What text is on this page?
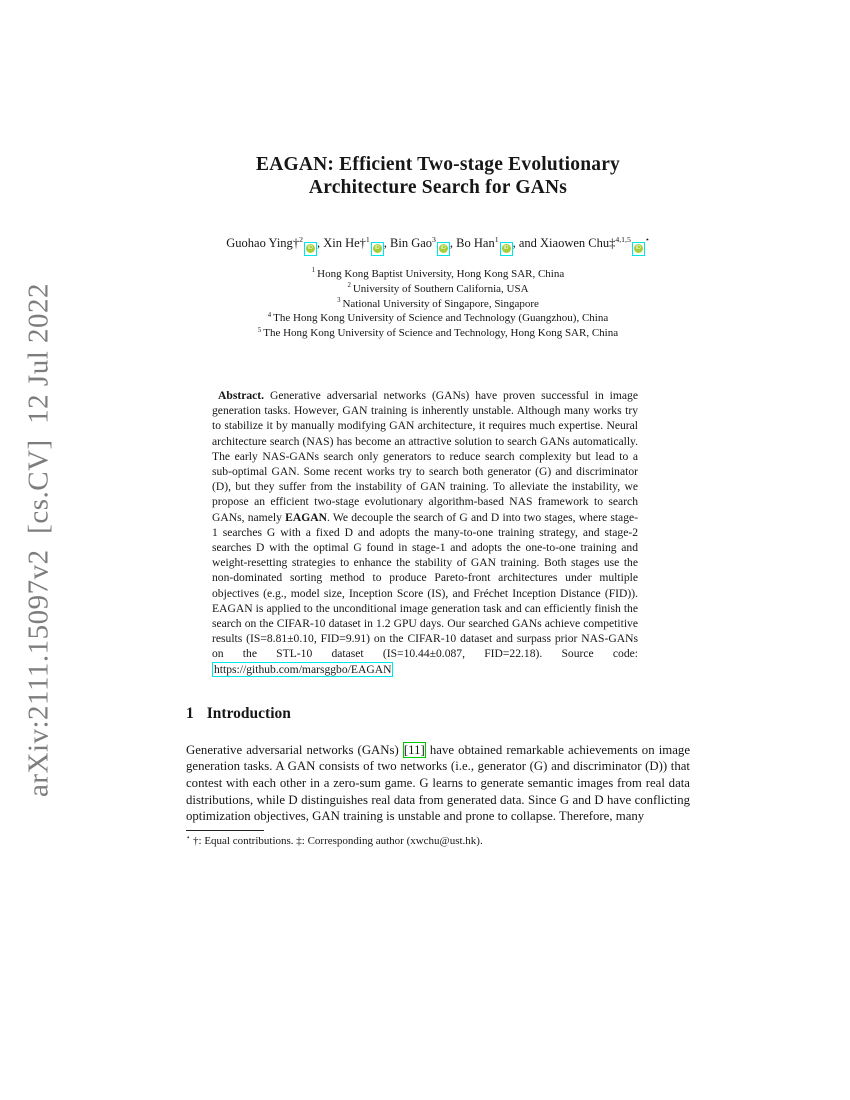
arXiv:2111.15097v2  [cs.CV]  12 Jul 2022
EAGAN: Efficient Two-stage Evolutionary
Architecture Search for GANs
Guohao Ying†$^2$
iD , Xin He†$^1$
iD , Bin Gao$^3$
iD , Bo Han$^1$
iD , and Xiaowen Chu‡$^{4,1,5}$
iD
⋆
$^1$ Hong Kong Baptist University, Hong Kong SAR, China
$^2$ University of Southern California, USA
$^3$ National University of Singapore, Singapore
$^4$ The Hong Kong University of Science and Technology (Guangzhou), China
$^5$ The Hong Kong University of Science and Technology, Hong Kong SAR, China
Abstract. Generative adversarial networks (GANs) have proven successful in image generation tasks. However, GAN training is inherently unstable. Although many works try to stabilize it by manually modifying GAN architecture, it requires much expertise. Neural architecture search (NAS) has become an attractive solution to search GANs automatically. The early NAS-GANs search only generators to reduce search complexity but lead to a sub-optimal GAN. Some recent works try to search both generator (G) and discriminator (D), but they suffer from the instability of GAN training. To alleviate the instability, we propose an efficient two-stage evolutionary algorithm-based NAS framework to search GANs, namely EAGAN. We decouple the search of G and D into two stages, where stage-1 searches G with a fixed D and adopts the many-to-one training strategy, and stage-2 searches D with the optimal G found in stage-1 and adopts the one-to-one training and weight-resetting strategies to enhance the stability of GAN training. Both stages use the non-dominated sorting method to produce Pareto-front architectures under multiple objectives (e.g., model size, Inception Score (IS), and Fréchet Inception Distance (FID)). EAGAN is applied to the unconditional image generation task and can efficiently finish the search on the CIFAR-10 dataset in 1.2 GPU days. Our searched GANs achieve competitive results (IS=8.81±0.10, FID=9.91) on the CIFAR-10 dataset and surpass prior NAS-GANs on the STL-10 dataset (IS=10.44±0.087, FID=22.18). Source code: https://github.com/marsggbo/EAGAN
1 Introduction

Generative adversarial networks (GANs) [11] have obtained remarkable achievements on image generation tasks. A GAN consists of two networks (i.e., generator (G) and discriminator (D)) that contest with each other in a zero-sum game. G learns to generate semantic images from real data distributions, while D distinguishes real data from generated data. Since G and D have conflicting optimization objectives, GAN training is unstable and prone to collapse. Therefore, many

⋆ †: Equal contributions. ‡: Corresponding author (xwchu@ust.hk).
